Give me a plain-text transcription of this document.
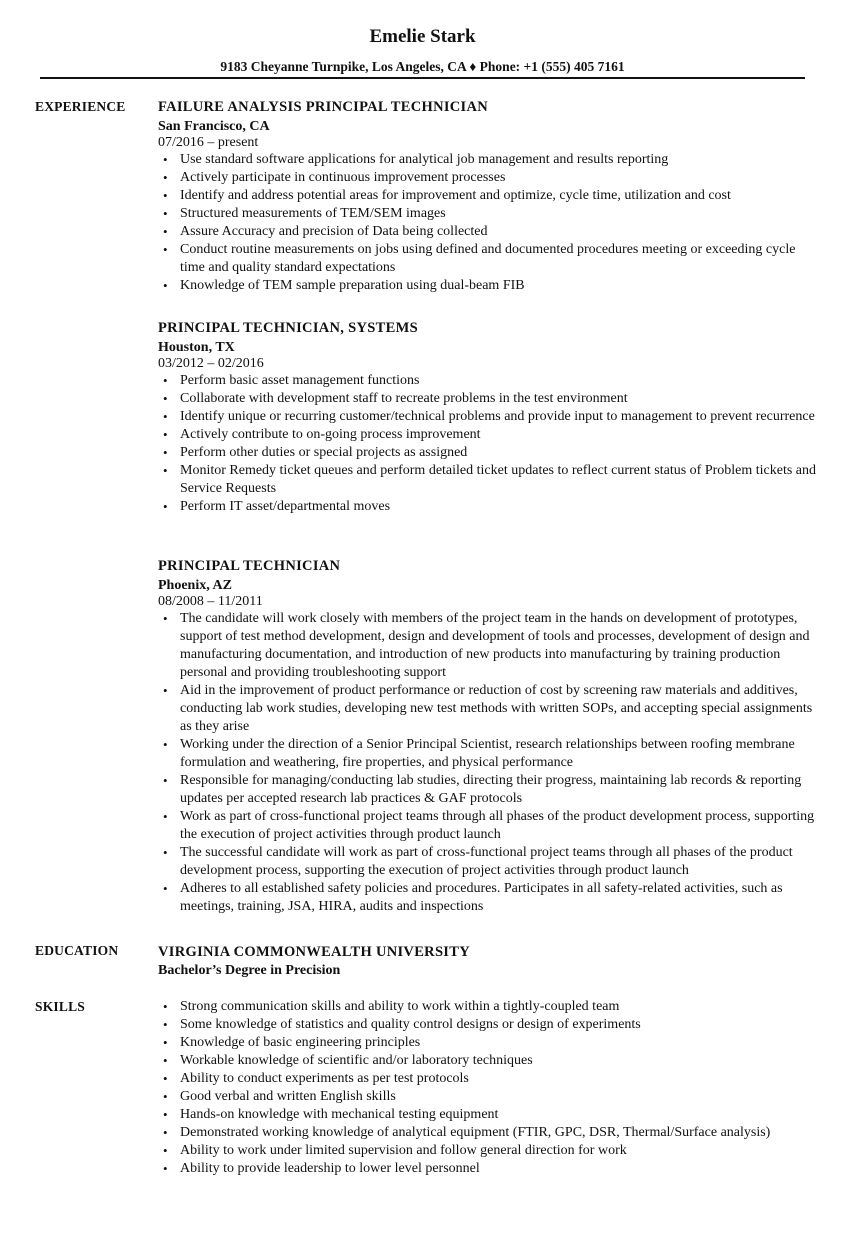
Emelie Stark
9183 Cheyanne Turnpike, Los Angeles, CA ♦ Phone: +1 (555) 405 7161
EXPERIENCE	FAILURE ANALYSIS PRINCIPAL TECHNICIAN
San Francisco, CA
07/2016 – present
• Use standard software applications for analytical job management and results reporting
• Actively participate in continuous improvement processes
• Identify and address potential areas for improvement and optimize, cycle time, utilization and cost
• Structured measurements of TEM/SEM images
• Assure Accuracy and precision of Data being collected
• Conduct routine measurements on jobs using defined and documented procedures meeting or exceeding cycle time and quality standard expectations
• Knowledge of TEM sample preparation using dual-beam FIB
PRINCIPAL TECHNICIAN, SYSTEMS
Houston, TX
03/2012 – 02/2016
• Perform basic asset management functions
• Collaborate with development staff to recreate problems in the test environment
• Identify unique or recurring customer/technical problems and provide input to management to prevent recurrence
• Actively contribute to on-going process improvement
• Perform other duties or special projects as assigned
• Monitor Remedy ticket queues and perform detailed ticket updates to reflect current status of Problem tickets and Service Requests
• Perform IT asset/departmental moves
PRINCIPAL TECHNICIAN
Phoenix, AZ
08/2008 – 11/2011
• The candidate will work closely with members of the project team in the hands on development of prototypes, support of test method development, design and development of tools and processes, development of design and manufacturing documentation, and introduction of new products into manufacturing by training production personal and providing troubleshooting support
• Aid in the improvement of product performance or reduction of cost by screening raw materials and additives, conducting lab work studies, developing new test methods with written SOPs, and accepting special assignments as they arise
• Working under the direction of a Senior Principal Scientist, research relationships between roofing membrane formulation and weathering, fire properties, and physical performance
• Responsible for managing/conducting lab studies, directing their progress, maintaining lab records & reporting updates per accepted research lab practices & GAF protocols
• Work as part of cross-functional project teams through all phases of the product development process, supporting the execution of project activities through product launch
• The successful candidate will work as part of cross-functional project teams through all phases of the product development process, supporting the execution of project activities through product launch
• Adheres to all established safety policies and procedures. Participates in all safety-related activities, such as meetings, training, JSA, HIRA, audits and inspections
EDUCATION	VIRGINIA COMMONWEALTH UNIVERSITY
Bachelor’s Degree in Precision
SKILLS	• Strong communication skills and ability to work within a tightly-coupled team
• Some knowledge of statistics and quality control designs or design of experiments
• Knowledge of basic engineering principles
• Workable knowledge of scientific and/or laboratory techniques
• Ability to conduct experiments as per test protocols
• Good verbal and written English skills
• Hands-on knowledge with mechanical testing equipment
• Demonstrated working knowledge of analytical equipment (FTIR, GPC, DSR, Thermal/Surface analysis)
• Ability to work under limited supervision and follow general direction for work
• Ability to provide leadership to lower level personnel
